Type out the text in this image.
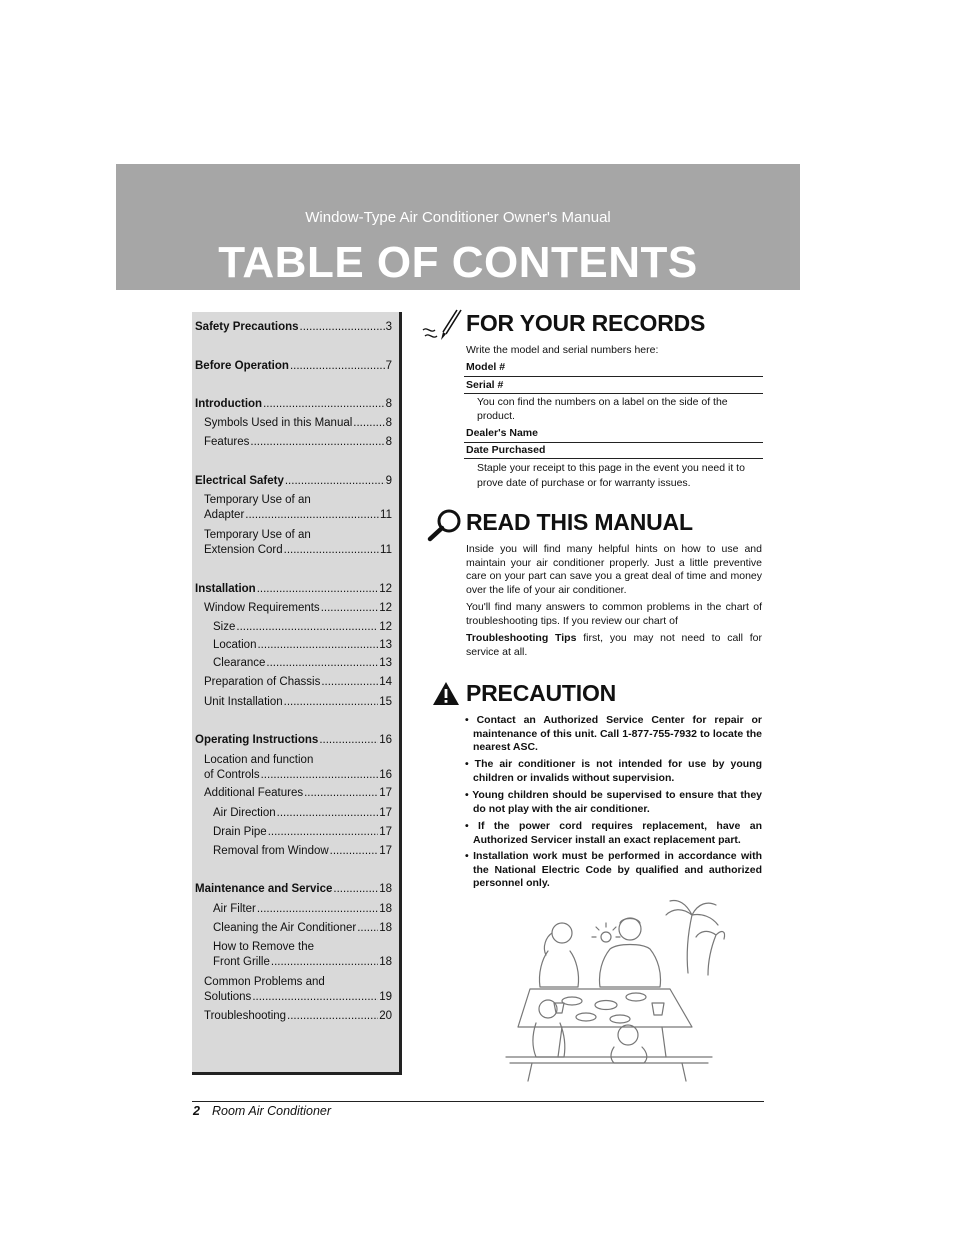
Window-Type Air Conditioner Owner's Manual
TABLE OF CONTENTS
Safety Precautions .....	3
Before Operation .....	7
Introduction .....	8
Symbols Used in this Manual .....	8
Features .....	8
Electrical Safety .....	9
Temporary Use of an
Adapter .....	11
Temporary Use of an
Extension Cord .....	11
Installation .....	12
Window Requirements .....	12
Size .....	12
Location .....	13
Clearance .....	13
Preparation of Chassis .....	14
Unit Installation .....	15
Operating Instructions .....	16
Location and function
of Controls .....	16
Additional Features .....	17
Air Direction .....	17
Drain Pipe .....	17
Removal from Window .....	17
Maintenance and Service .....	18
Air Filter .....	18
Cleaning the Air Conditioner ..... 18
How to Remove the
Front Grille .....	18
Common Problems and
Solutions .....	19
Troubleshooting .....	20
FOR YOUR RECORDS
Write the model and serial numbers here:
Model #
Serial #
You con find the numbers on a label on the side of the product.
Dealer's Name
Date Purchased
Staple your receipt to this page in the event you need it to prove date of purchase or for warranty issues.
READ THIS MANUAL
Inside you will find many helpful hints on how to use and maintain your air conditioner properly. Just a little preventive care on your part can save you a great deal of time and money over the life of your air conditioner.
You'll find many answers to common problems in the chart of troubleshooting tips. If you review our chart of
Troubleshooting Tips first, you may not need to call for service at all.
PRECAUTION
• Contact an Authorized Service Center for repair or maintenance of this unit. Call 1-877-755-7932 to locate the nearest ASC.
• The air conditioner is not intended for use by young children or invalids without supervision.
• Young children should be supervised to ensure that they do not play with the air conditioner.
• If the power cord requires replacement, have an Authorized Servicer install an exact replacement part.
• Installation work must be performed in accordance with the National Electric Code by qualified and authorized personnel only.
2 Room Air Conditioner
